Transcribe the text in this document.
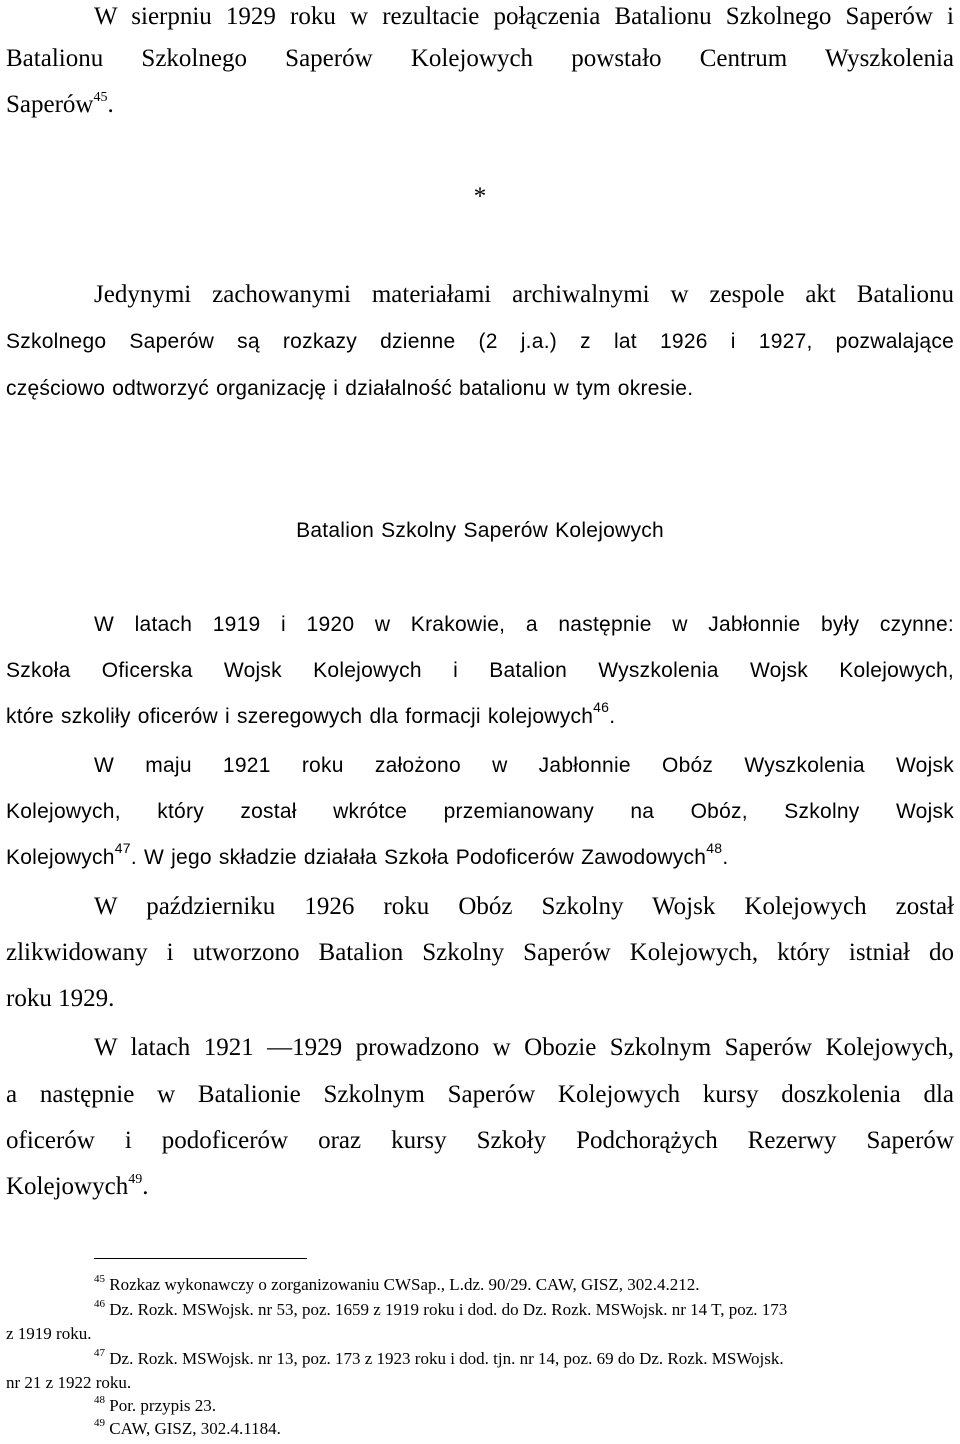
W sierpniu 1929 roku w rezultacie połączenia Batalionu Szkolnego Saperów i
Batalionu Szkolnego Saperów Kolejowych powstało Centrum Wyszkolenia
Saperów$^{45}$.
*
Jedynymi zachowanymi materiałami archiwalnymi w zespole akt Batalionu
Szkolnego Saperów są rozkazy dzienne (2 j.a.) z lat 1926 i 1927, pozwalające
częściowo odtworzyć organizację i działalność batalionu w tym okresie.
Batalion Szkolny Saperów Kolejowych
W latach 1919 i 1920 w Krakowie, a następnie w Jabłonnie były czynne:
Szkoła Oficerska Wojsk Kolejowych i Batalion Wyszkolenia Wojsk Kolejowych,
które szkoliły oficerów i szeregowych dla formacji kolejowych$^{46}$.
W maju 1921 roku założono w Jabłonnie Obóz Wyszkolenia Wojsk
Kolejowych, który został wkrótce przemianowany na Obóz, Szkolny Wojsk
Kolejowych$^{47}$. W jego składzie działała Szkoła Podoficerów Zawodowych$^{48}$.
W październiku 1926 roku Obóz Szkolny Wojsk Kolejowych został
zlikwidowany i utworzono Batalion Szkolny Saperów Kolejowych, który istniał do
roku 1929.
W latach 1921 —1929 prowadzono w Obozie Szkolnym Saperów Kolejowych,
a następnie w Batalionie Szkolnym Saperów Kolejowych kursy doszkolenia dla
oficerów i podoficerów oraz kursy Szkoły Podchorążych Rezerwy Saperów
Kolejowych$^{49}$.
$^{45}$ Rozkaz wykonawczy o zorganizowaniu CWSap., L.dz. 90/29. CAW, GISZ, 302.4.212.
$^{46}$ Dz. Rozk. MSWojsk. nr 53, poz. 1659 z 1919 roku i dod. do Dz. Rozk. MSWojsk. nr 14 T, poz. 173
z 1919 roku.
$^{47}$ Dz. Rozk. MSWojsk. nr 13, poz. 173 z 1923 roku i dod. tjn. nr 14, poz. 69 do Dz. Rozk. MSWojsk.
nr 21 z 1922 roku.
$^{48}$ Por. przypis 23.
$^{49}$ CAW, GISZ, 302.4.1184.
